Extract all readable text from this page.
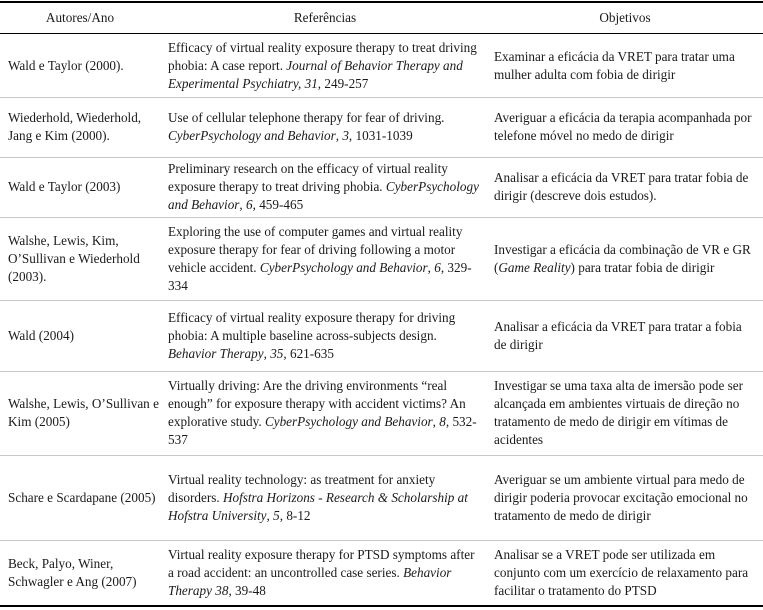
Autores/Ano	Referências	Objetivos
Wald e Taylor (2000).
Efficacy of virtual reality exposure therapy to treat driving phobia: A case report. Journal of Behavior Therapy and Experimental Psychiatry, 31, 249-257
Examinar a eficácia da VRET para tratar uma mulher adulta com fobia de dirigir
Wiederhold, Wiederhold, Jang e Kim (2000).
Use of cellular telephone therapy for fear of driving. CyberPsychology and Behavior, 3, 1031-1039
Averiguar a eficácia da terapia acompanhada por telefone móvel no medo de dirigir
Wald e Taylor (2003)
Preliminary research on the efficacy of virtual reality exposure therapy to treat driving phobia. CyberPsychology and Behavior, 6, 459-465
Analisar a eficácia da VRET para tratar fobia de dirigir (descreve dois estudos).
Walshe, Lewis, Kim, O’Sullivan e Wiederhold (2003).
Exploring the use of computer games and virtual reality exposure therapy for fear of driving following a motor vehicle accident. CyberPsychology and Behavior, 6, 329-334
Investigar a eficácia da combinação de VR e GR (Game Reality) para tratar fobia de dirigir
Wald (2004)
Efficacy of virtual reality exposure therapy for driving phobia: A multiple baseline across-subjects design. Behavior Therapy, 35, 621-635
Analisar a eficácia da VRET para tratar a fobia de dirigir
Walshe, Lewis, O’Sullivan e Kim (2005)
Virtually driving: Are the driving environments “real enough” for exposure therapy with accident victims? An explorative study. CyberPsychology and Behavior, 8, 532-537
Investigar se uma taxa alta de imersão pode ser alcançada em ambientes virtuais de direção no tratamento de medo de dirigir em vítimas de acidentes
Schare e Scardapane (2005)
Virtual reality technology: as treatment for anxiety disorders. Hofstra Horizons - Research & Scholarship at Hofstra University, 5, 8-12
Averiguar se um ambiente virtual para medo de dirigir poderia provocar excitação emocional no tratamento de medo de dirigir
Beck, Palyo, Winer, Schwagler e Ang (2007)
Virtual reality exposure therapy for PTSD symptoms after a road accident: an uncontrolled case series. Behavior Therapy 38, 39-48
Analisar se a VRET pode ser utilizada em conjunto com um exercício de relaxamento para facilitar o tratamento do PTSD
